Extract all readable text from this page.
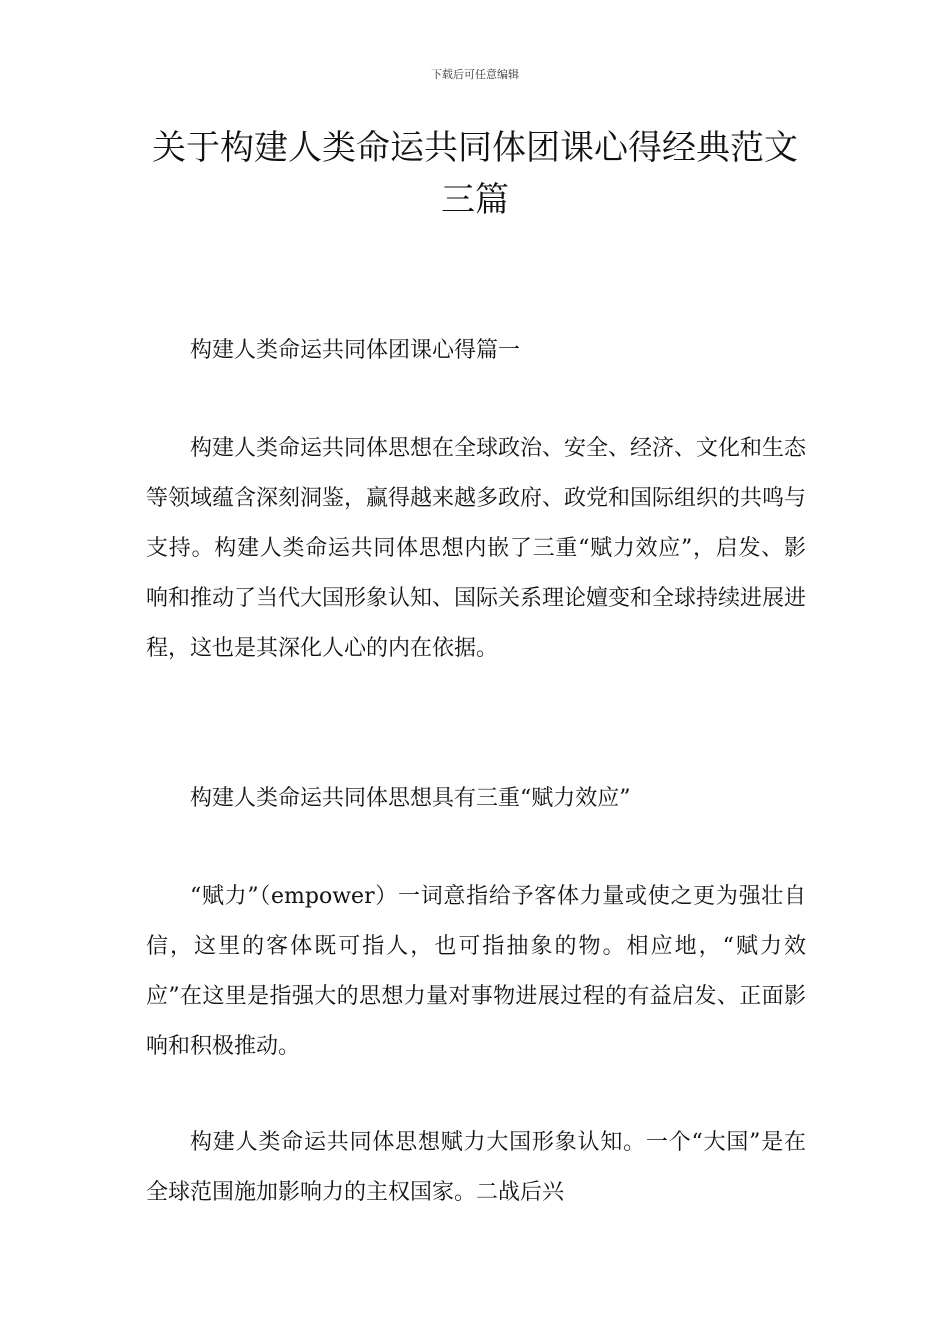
下载后可任意编辑
关于构建人类命运共同体团课心得经典范文三篇

构建人类命运共同体团课心得篇一

构建人类命运共同体思想在全球政治、安全、经济、文化和生态等领域蕴含深刻洞鉴，赢得越来越多政府、政党和国际组织的共鸣与支持。构建人类命运共同体思想内嵌了三重“赋力效应”，启发、影响和推动了当代大国形象认知、国际关系理论嬗变和全球持续进展进程，这也是其深化人心的内在依据。

构建人类命运共同体思想具有三重“赋力效应”

“赋力”（empower）一词意指给予客体力量或使之更为强壮自信，这里的客体既可指人，也可指抽象的物。相应地，“赋力效应”在这里是指强大的思想力量对事物进展过程的有益启发、正面影响和积极推动。

构建人类命运共同体思想赋力大国形象认知。一个“大国”是在全球范围施加影响力的主权国家。二战后兴
